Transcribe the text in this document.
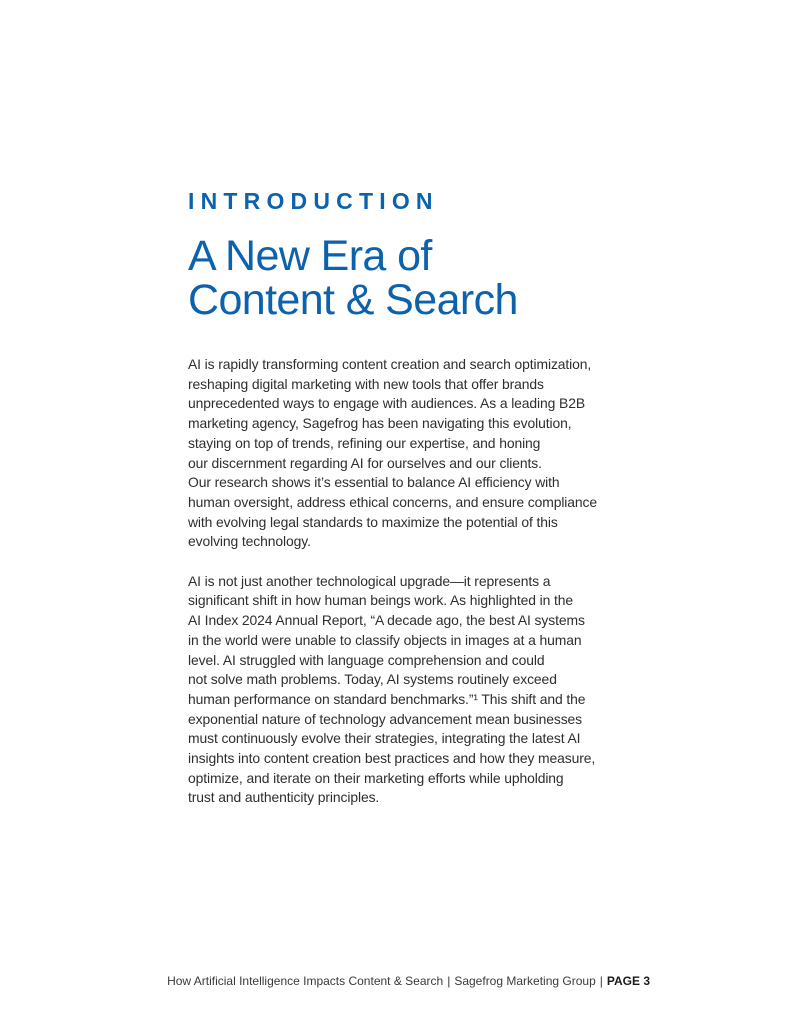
INTRODUCTION
A New Era of
Content & Search

AI is rapidly transforming content creation and search optimization,
reshaping digital marketing with new tools that offer brands
unprecedented ways to engage with audiences. As a leading B2B
marketing agency, Sagefrog has been navigating this evolution,
staying on top of trends, refining our expertise, and honing
our discernment regarding AI for ourselves and our clients.
Our research shows it’s essential to balance AI efficiency with
human oversight, address ethical concerns, and ensure compliance
with evolving legal standards to maximize the potential of this
evolving technology.

AI is not just another technological upgrade—it represents a
significant shift in how human beings work. As highlighted in the
AI Index 2024 Annual Report, “A decade ago, the best AI systems
in the world were unable to classify objects in images at a human
level. AI struggled with language comprehension and could
not solve math problems. Today, AI systems routinely exceed
human performance on standard benchmarks.”¹ This shift and the
exponential nature of technology advancement mean businesses
must continuously evolve their strategies, integrating the latest AI
insights into content creation best practices and how they measure,
optimize, and iterate on their marketing efforts while upholding
trust and authenticity principles.

How Artificial Intelligence Impacts Content & Search | Sagefrog Marketing Group | PAGE 3
